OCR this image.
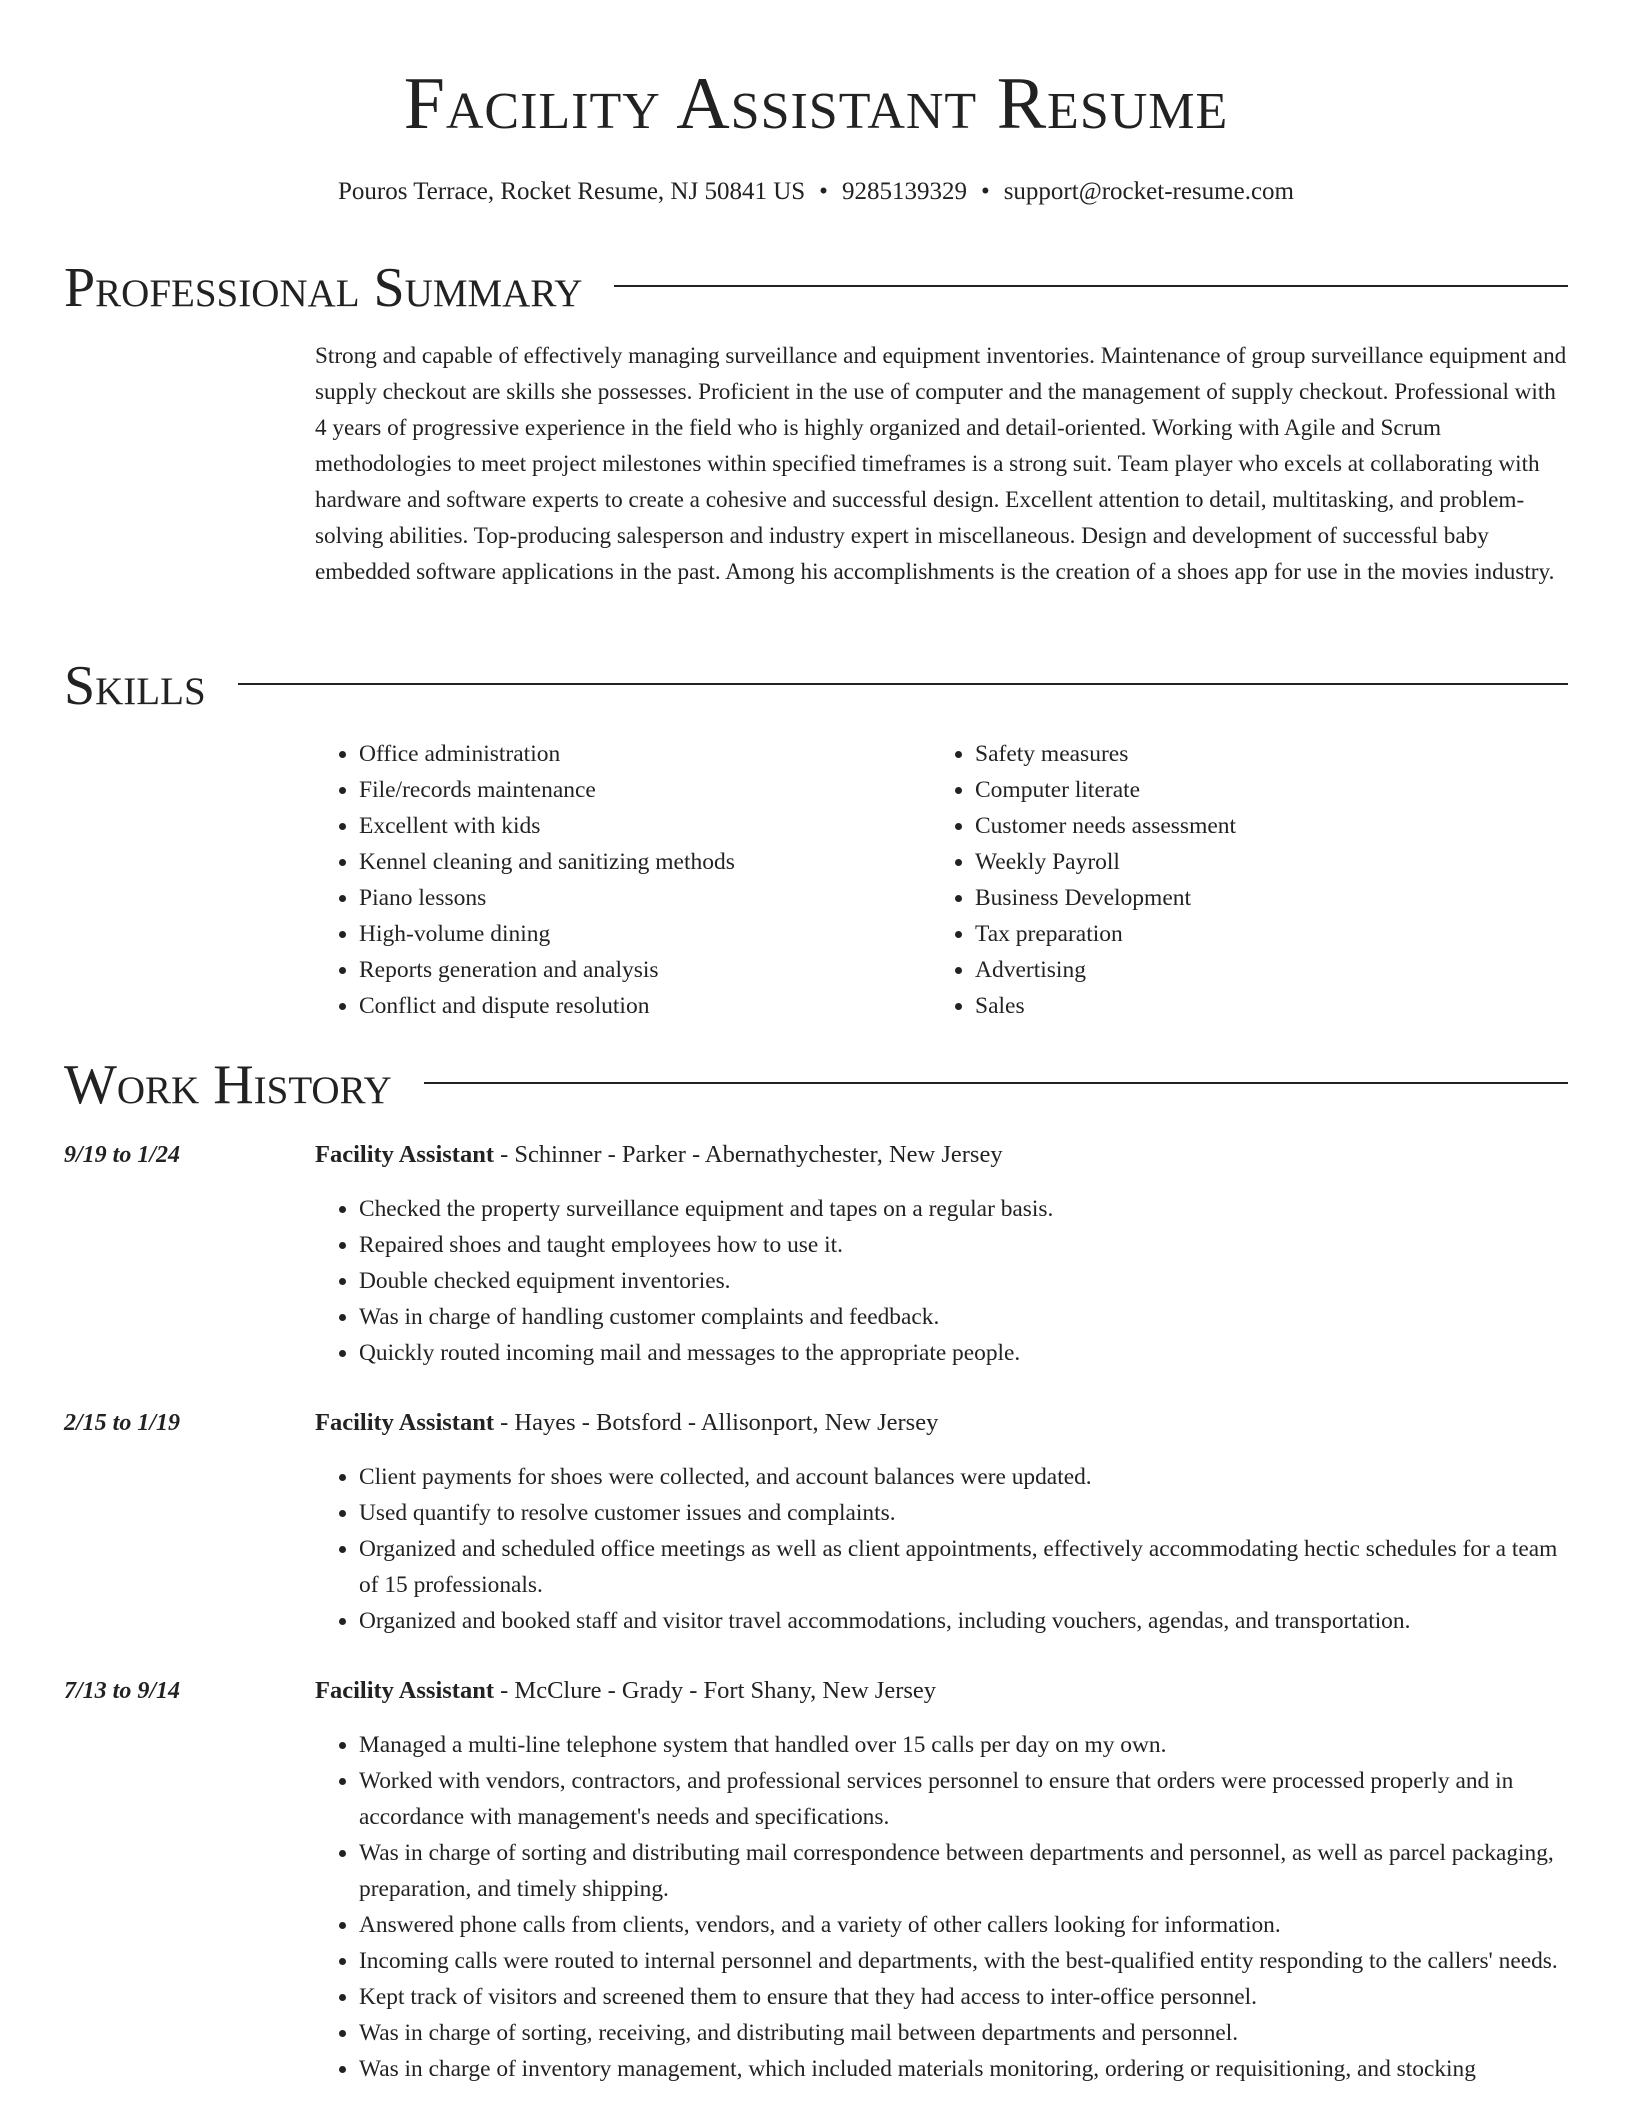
Facility Assistant Resume
Pouros Terrace, Rocket Resume, NJ 50841 US • 9285139329 • support@rocket-resume.com
Professional Summary

Strong and capable of effectively managing surveillance and equipment inventories. Maintenance of group surveillance equipment and supply checkout are skills she possesses. Proficient in the use of computer and the management of supply checkout. Professional with 4 years of progressive experience in the field who is highly organized and detail-oriented. Working with Agile and Scrum methodologies to meet project milestones within specified timeframes is a strong suit. Team player who excels at collaborating with hardware and software experts to create a cohesive and successful design. Excellent attention to detail, multitasking, and problem-solving abilities. Top-producing salesperson and industry expert in miscellaneous. Design and development of successful baby embedded software applications in the past. Among his accomplishments is the creation of a shoes app for use in the movies industry.

Skills
• Office administration
• File/records maintenance
• Excellent with kids
• Kennel cleaning and sanitizing methods
• Piano lessons
• High-volume dining
• Reports generation and analysis
• Conflict and dispute resolution
• Safety measures
• Computer literate
• Customer needs assessment
• Weekly Payroll
• Business Development
• Tax preparation
• Advertising
• Sales
Work History
9/19 to 1/24	Facility Assistant - Schinner - Parker - Abernathychester, New Jersey
• Checked the property surveillance equipment and tapes on a regular basis.
• Repaired shoes and taught employees how to use it.
• Double checked equipment inventories.
• Was in charge of handling customer complaints and feedback.
• Quickly routed incoming mail and messages to the appropriate people.
2/15 to 1/19	Facility Assistant - Hayes - Botsford - Allisonport, New Jersey
• Client payments for shoes were collected, and account balances were updated.
• Used quantify to resolve customer issues and complaints.
• Organized and scheduled office meetings as well as client appointments, effectively accommodating hectic schedules for a team of 15 professionals.
• Organized and booked staff and visitor travel accommodations, including vouchers, agendas, and transportation.
7/13 to 9/14	Facility Assistant - McClure - Grady - Fort Shany, New Jersey
• Managed a multi-line telephone system that handled over 15 calls per day on my own.
• Worked with vendors, contractors, and professional services personnel to ensure that orders were processed properly and in accordance with management's needs and specifications.
• Was in charge of sorting and distributing mail correspondence between departments and personnel, as well as parcel packaging, preparation, and timely shipping.
• Answered phone calls from clients, vendors, and a variety of other callers looking for information.
• Incoming calls were routed to internal personnel and departments, with the best-qualified entity responding to the callers' needs.
• Kept track of visitors and screened them to ensure that they had access to inter-office personnel.
• Was in charge of sorting, receiving, and distributing mail between departments and personnel.
• Was in charge of inventory management, which included materials monitoring, ordering or requisitioning, and stocking
